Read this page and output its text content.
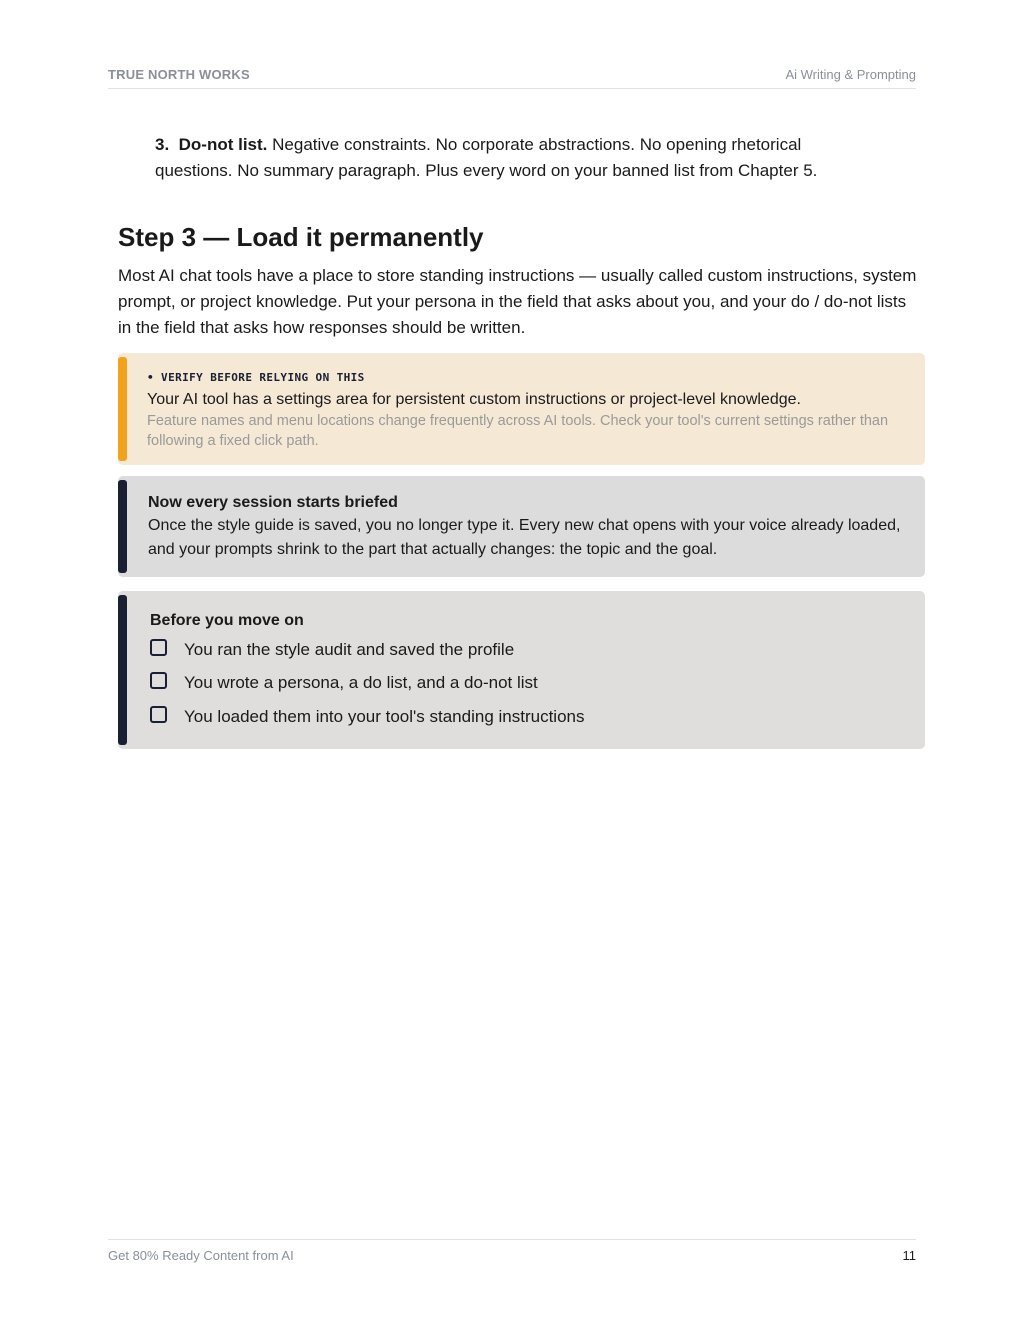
TRUE NORTH WORKS	Ai Writing & Prompting
3. Do-not list. Negative constraints. No corporate abstractions. No opening rhetorical questions. No summary paragraph. Plus every word on your banned list from Chapter 5.
Step 3 — Load it permanently

Most AI chat tools have a place to store standing instructions — usually called custom instructions, system prompt, or project knowledge. Put your persona in the field that asks about you, and your do / do-not lists in the field that asks how responses should be written.

• VERIFY BEFORE RELYING ON THIS
Your AI tool has a settings area for persistent custom instructions or project-level knowledge.
Feature names and menu locations change frequently across AI tools. Check your tool's current settings rather than following a fixed click path.
Now every session starts briefed
Once the style guide is saved, you no longer type it. Every new chat opens with your voice already loaded, and your prompts shrink to the part that actually changes: the topic and the goal.
Before you move on
You ran the style audit and saved the profile
You wrote a persona, a do list, and a do-not list
You loaded them into your tool's standing instructions
Get 80% Ready Content from AI	11
